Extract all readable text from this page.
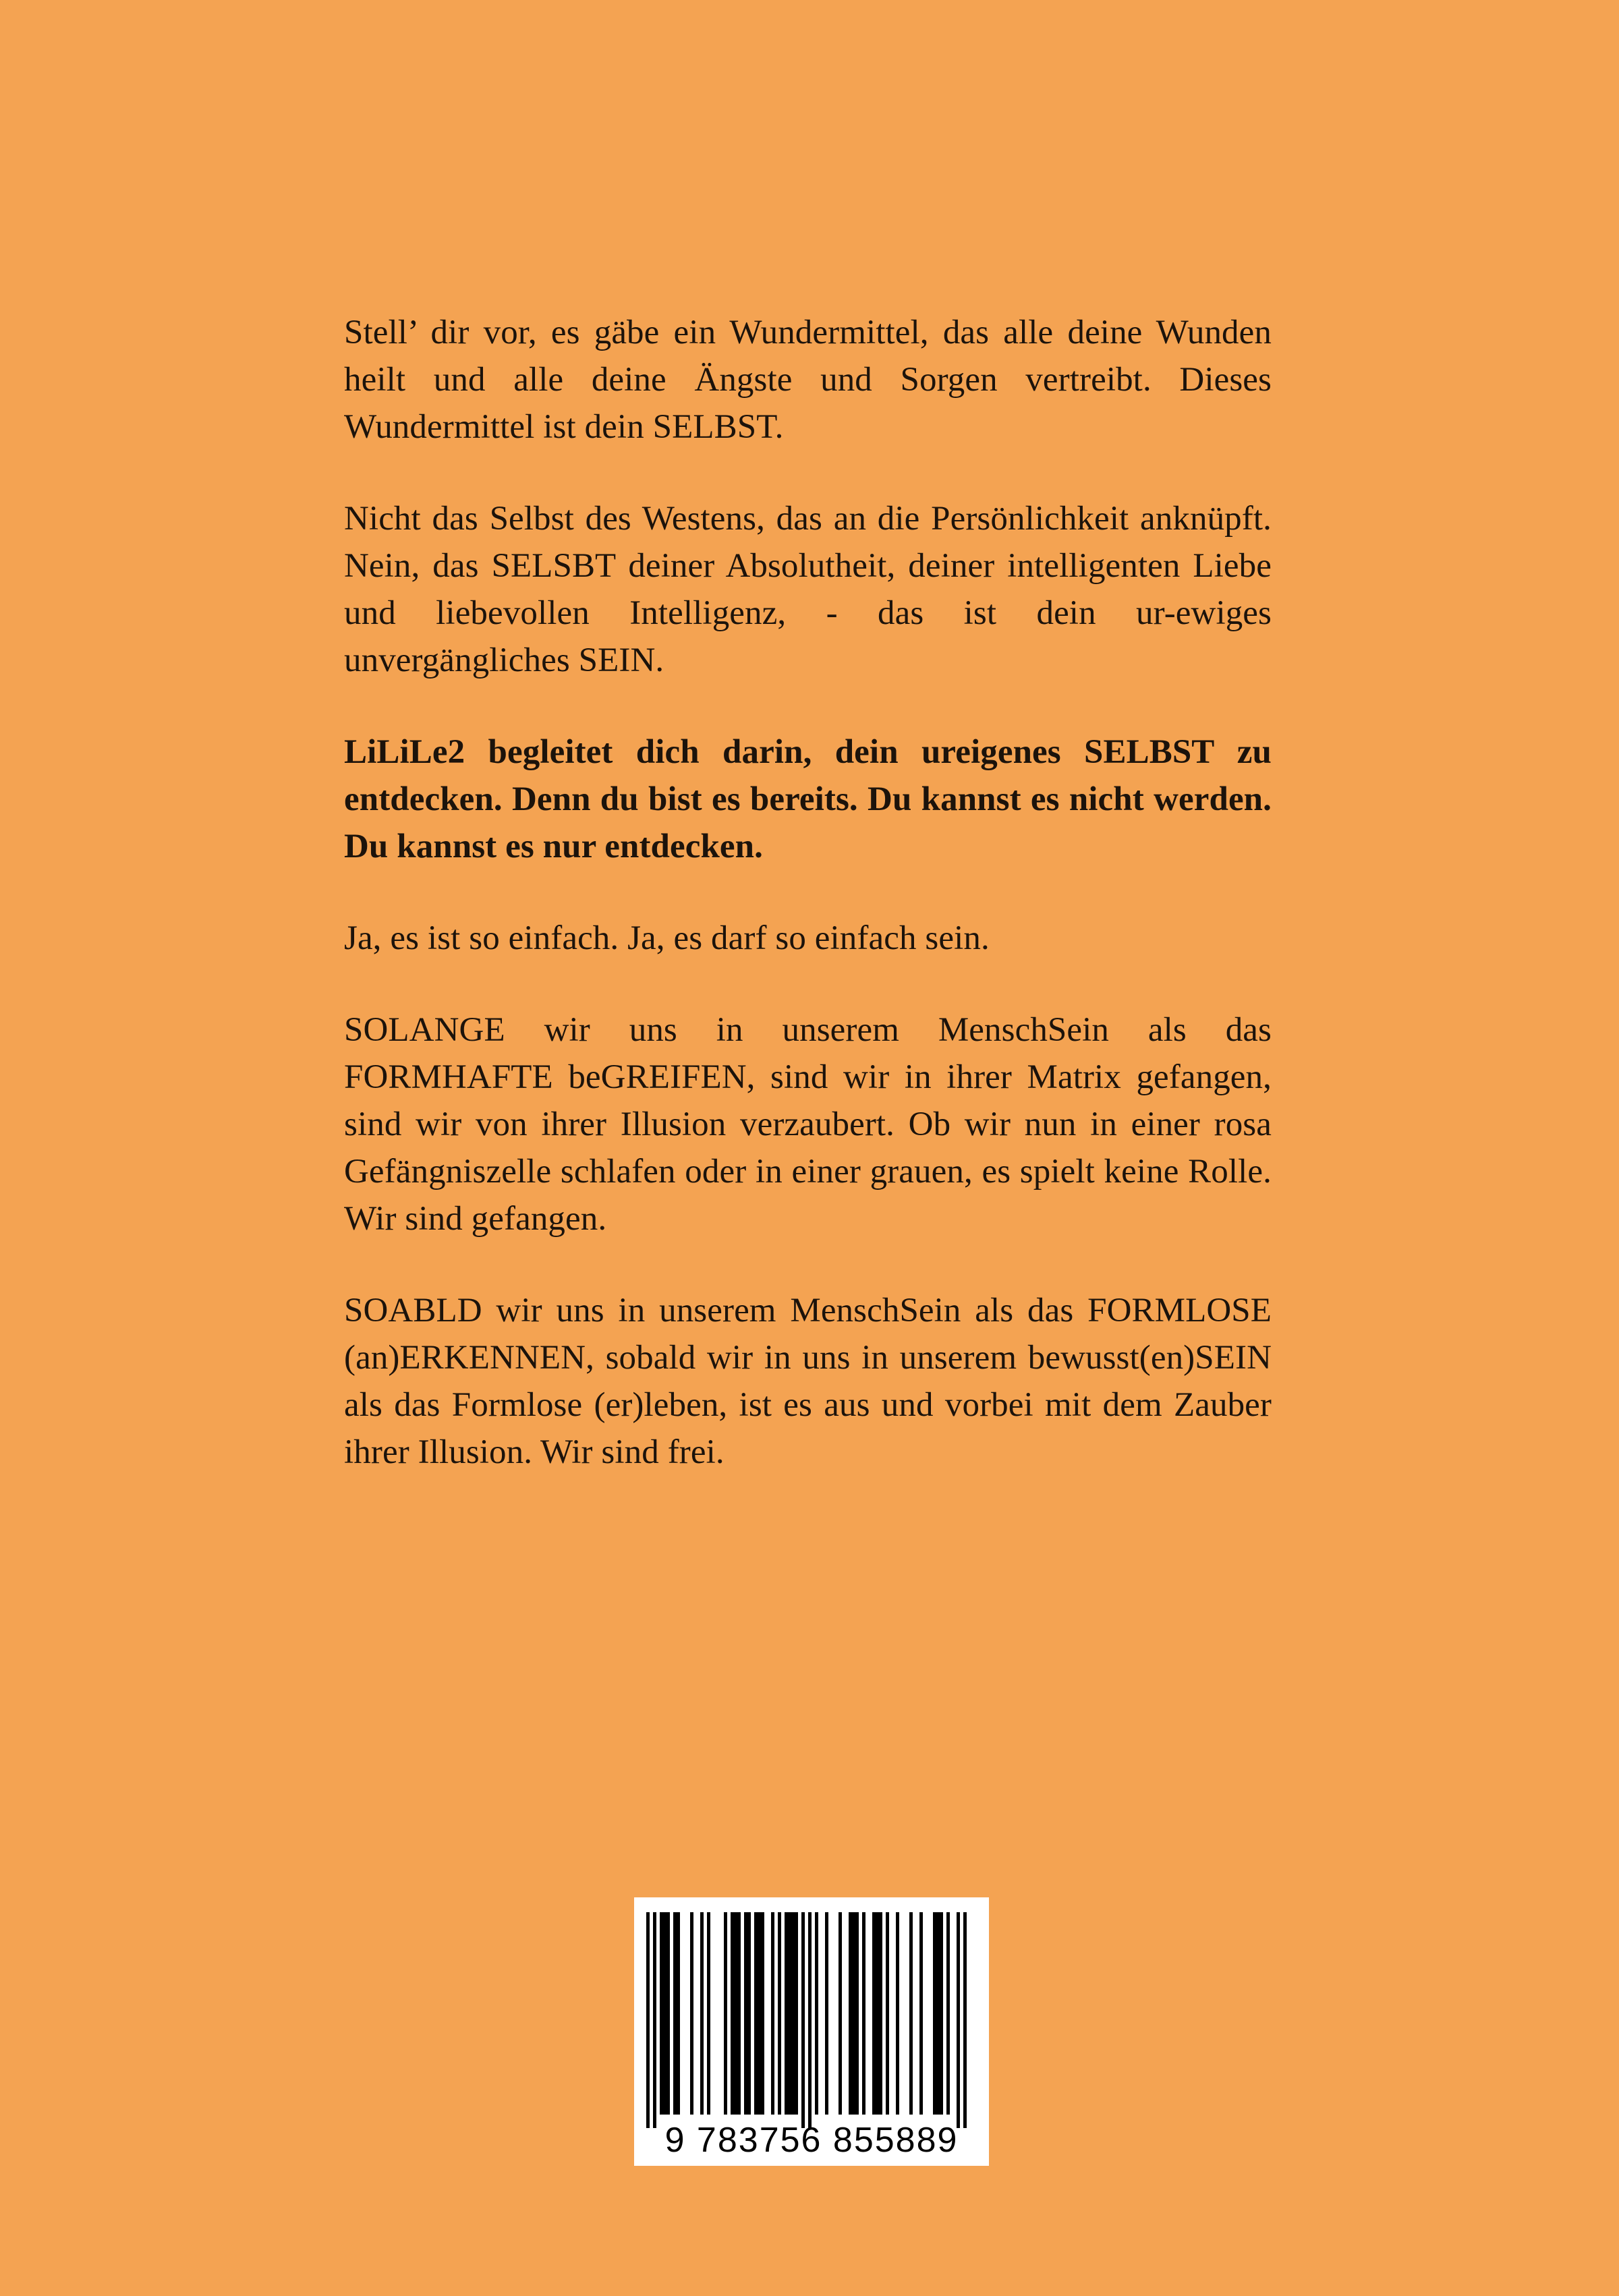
Stell’ dir vor, es gäbe ein Wundermittel, das alle deine Wunden heilt und alle deine Ängste und Sorgen vertreibt. Dieses Wundermittel ist dein SELBST.

Nicht das Selbst des Westens, das an die Persönlichkeit anknüpft. Nein, das SELSBT deiner Absolutheit, deiner intelligenten Liebe und liebevollen Intelligenz, - das ist dein ur-ewiges unvergängliches SEIN.

LiLiLe2 begleitet dich darin, dein ureigenes SELBST zu entdecken. Denn du bist es bereits. Du kannst es nicht werden. Du kannst es nur entdecken.

Ja, es ist so einfach. Ja, es darf so einfach sein.

SOLANGE wir uns in unserem MenschSein als das FORMHAFTE beGREIFEN, sind wir in ihrer Matrix gefangen, sind wir von ihrer Illusion verzaubert. Ob wir nun in einer rosa Gefängniszelle schlafen oder in einer grauen, es spielt keine Rolle. Wir sind gefangen.

SOABLD wir uns in unserem MenschSein als das FORMLOSE (an)ERKENNEN, sobald wir in uns in unserem bewusst(en)SEIN als das Formlose (er)leben, ist es aus und vorbei mit dem Zauber ihrer Illusion. Wir sind frei.

9 783756 855889
